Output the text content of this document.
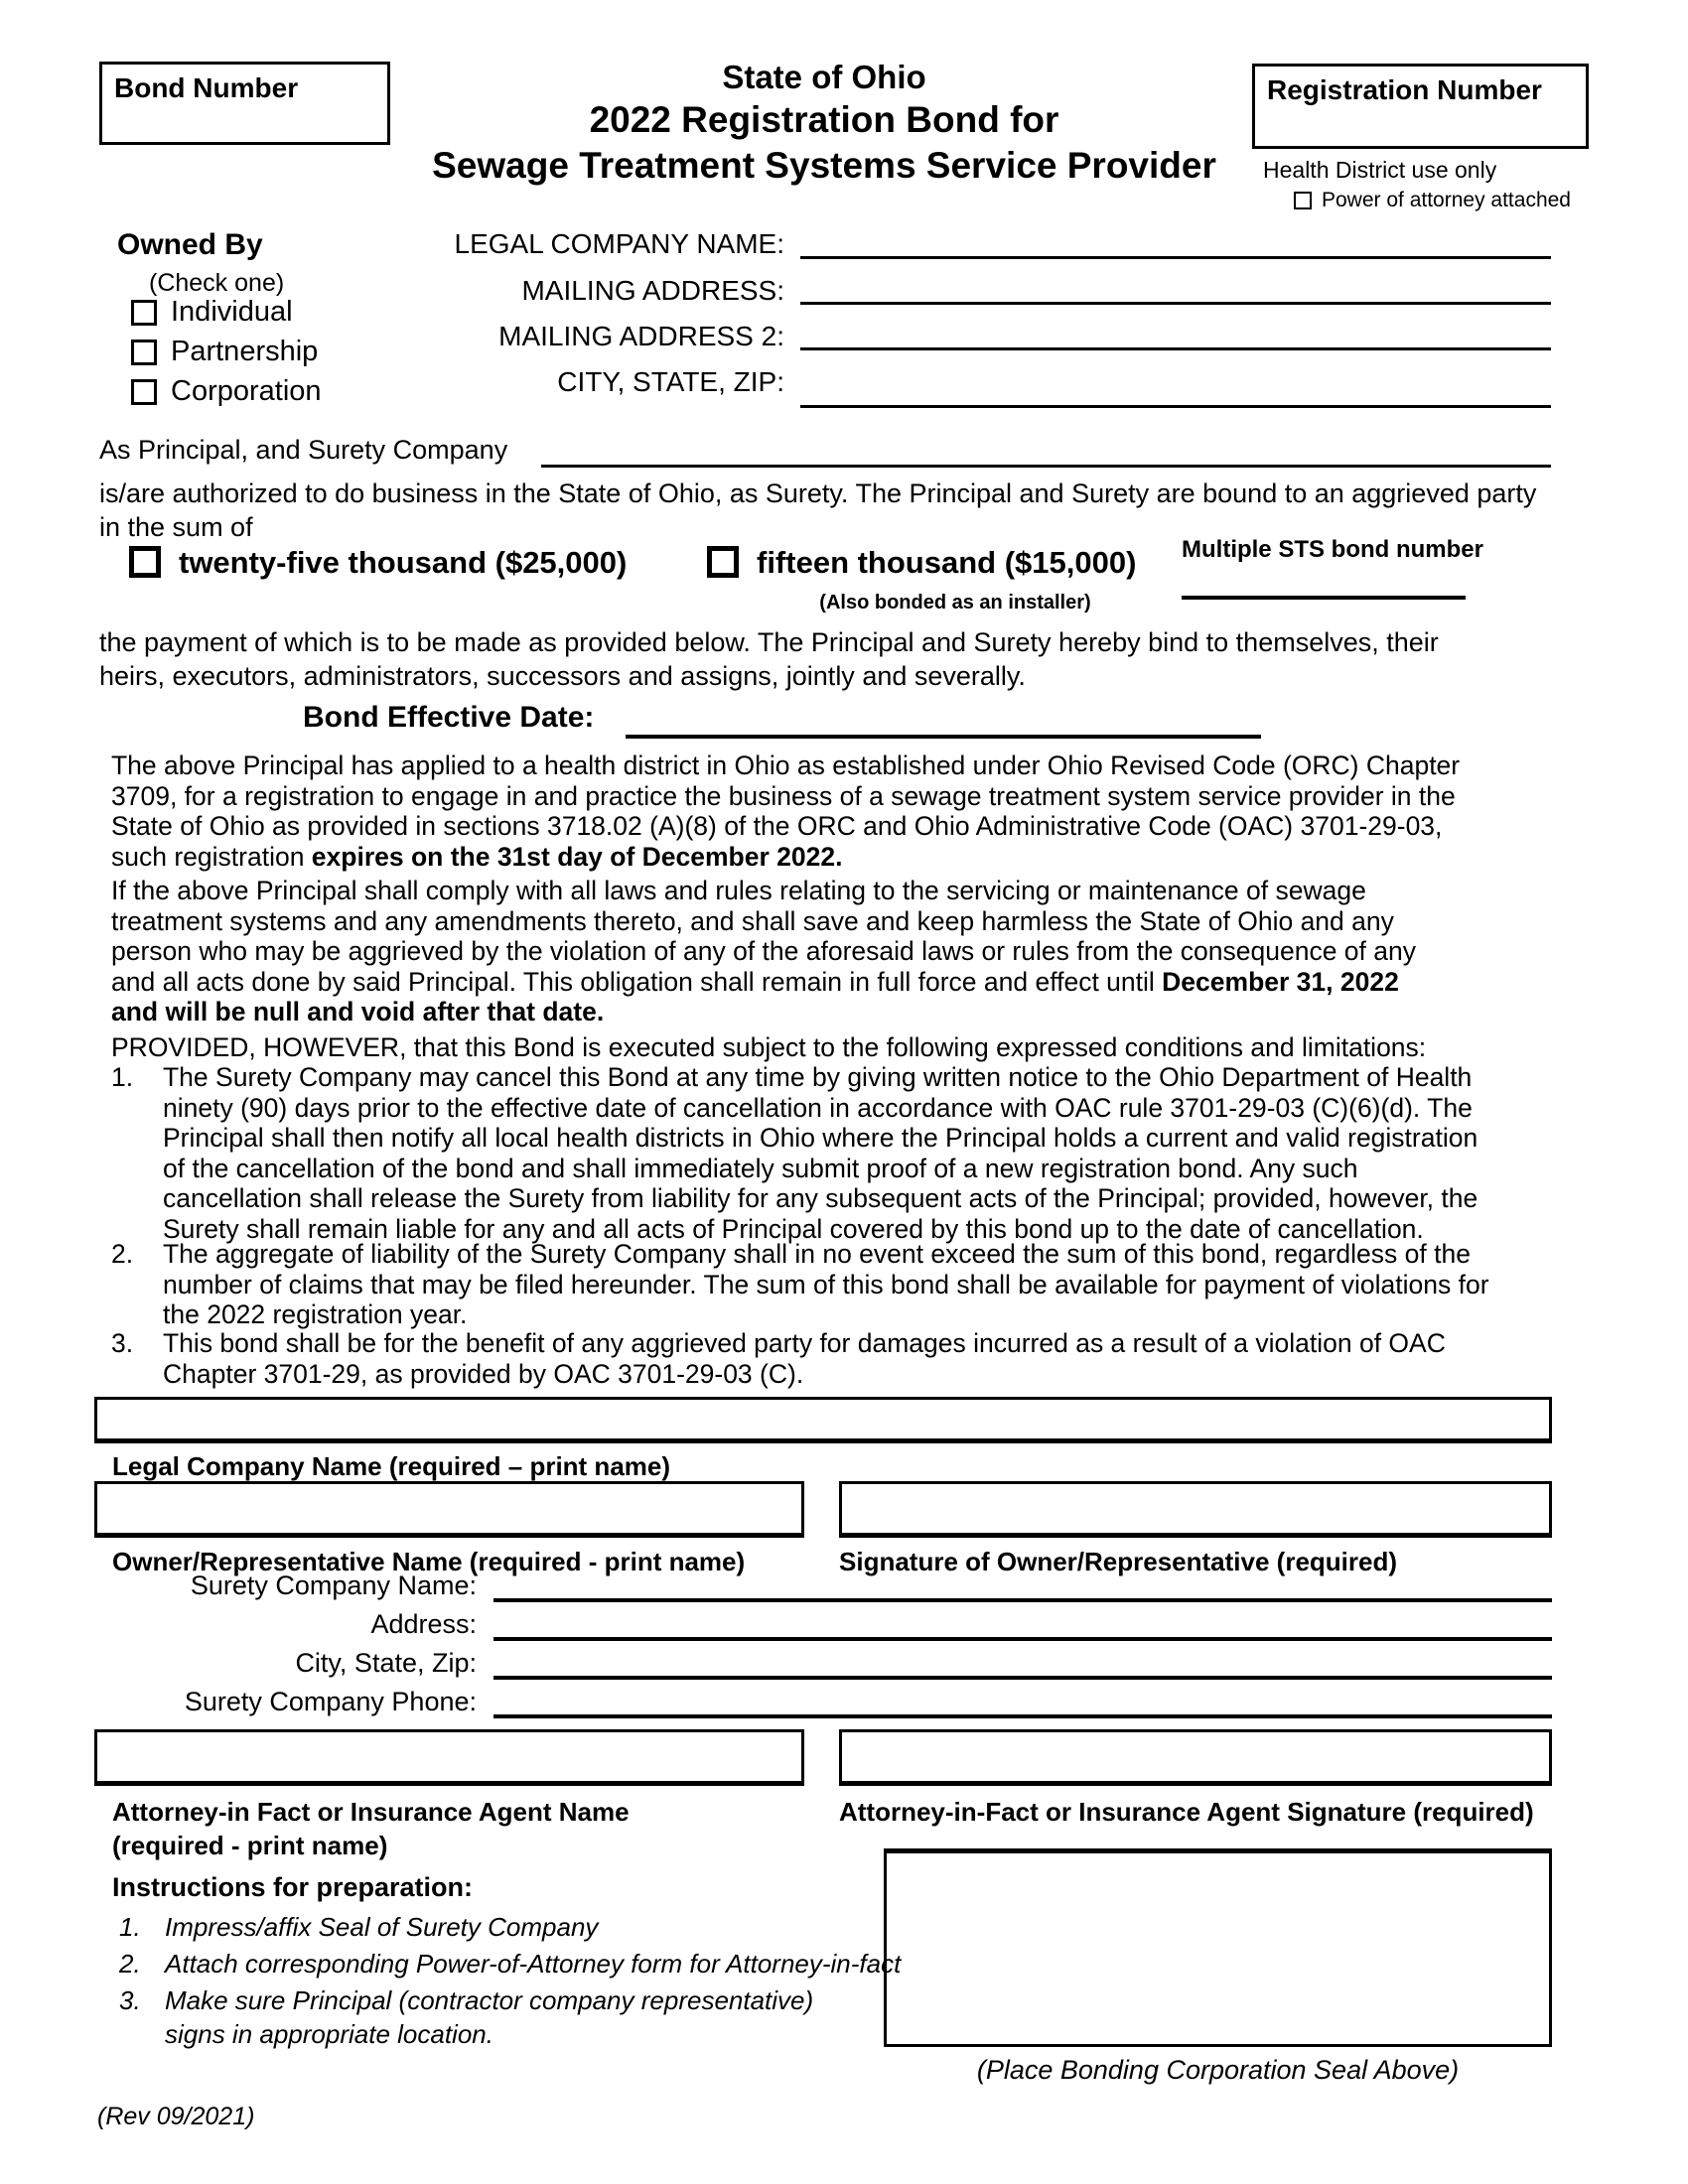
Bond Number	State of Ohio
2022 Registration Bond for
Sewage Treatment Systems Service Provider
Registration Number
Health District use only
Power of attorney attached
Owned By
(Check one)
Individual
Partnership
Corporation
LEGAL COMPANY NAME:
MAILING ADDRESS:
MAILING ADDRESS 2:
CITY, STATE, ZIP:
As Principal, and Surety Company
is/are authorized to do business in the State of Ohio, as Surety. The Principal and Surety are bound to an aggrieved party in the sum of
twenty-five thousand ($25,000)	fifteen thousand ($15,000)
(Also bonded as an installer)
Multiple STS bond number
the payment of which is to be made as provided below. The Principal and Surety hereby bind to themselves, their heirs, executors, administrators, successors and assigns, jointly and severally.
Bond Effective Date:
The above Principal has applied to a health district in Ohio as established under Ohio Revised Code (ORC) Chapter 3709, for a registration to engage in and practice the business of a sewage treatment system service provider in the State of Ohio as provided in sections 3718.02 (A)(8) of the ORC and Ohio Administrative Code (OAC) 3701-29-03, such registration expires on the 31st day of December 2022.
If the above Principal shall comply with all laws and rules relating to the servicing or maintenance of sewage treatment systems and any amendments thereto, and shall save and keep harmless the State of Ohio and any person who may be aggrieved by the violation of any of the aforesaid laws or rules from the consequence of any and all acts done by said Principal. This obligation shall remain in full force and effect until December 31, 2022 and will be null and void after that date.
PROVIDED, HOWEVER, that this Bond is executed subject to the following expressed conditions and limitations:
1.	The Surety Company may cancel this Bond at any time by giving written notice to the Ohio Department of Health ninety (90) days prior to the effective date of cancellation in accordance with OAC rule 3701-29-03 (C)(6)(d). The Principal shall then notify all local health districts in Ohio where the Principal holds a current and valid registration of the cancellation of the bond and shall immediately submit proof of a new registration bond. Any such cancellation shall release the Surety from liability for any subsequent acts of the Principal; provided, however, the Surety shall remain liable for any and all acts of Principal covered by this bond up to the date of cancellation.
2.	The aggregate of liability of the Surety Company shall in no event exceed the sum of this bond, regardless of the number of claims that may be filed hereunder. The sum of this bond shall be available for payment of violations for the 2022 registration year.
3.	This bond shall be for the benefit of any aggrieved party for damages incurred as a result of a violation of OAC Chapter 3701-29, as provided by OAC 3701-29-03 (C).
Legal Company Name (required – print name)
Owner/Representative Name (required - print name)	Signature of Owner/Representative (required)
Surety Company Name:
Address:
City, State, Zip:
Surety Company Phone:
Attorney-in Fact or Insurance Agent Name
(required - print name)
Attorney-in-Fact or Insurance Agent Signature (required)
(Place Bonding Corporation Seal Above)
Instructions for preparation:
1. Impress/affix Seal of Surety Company
2. Attach corresponding Power-of-Attorney form for Attorney-in-fact
3. Make sure Principal (contractor company representative) signs in appropriate location.
(Rev 09/2021)
